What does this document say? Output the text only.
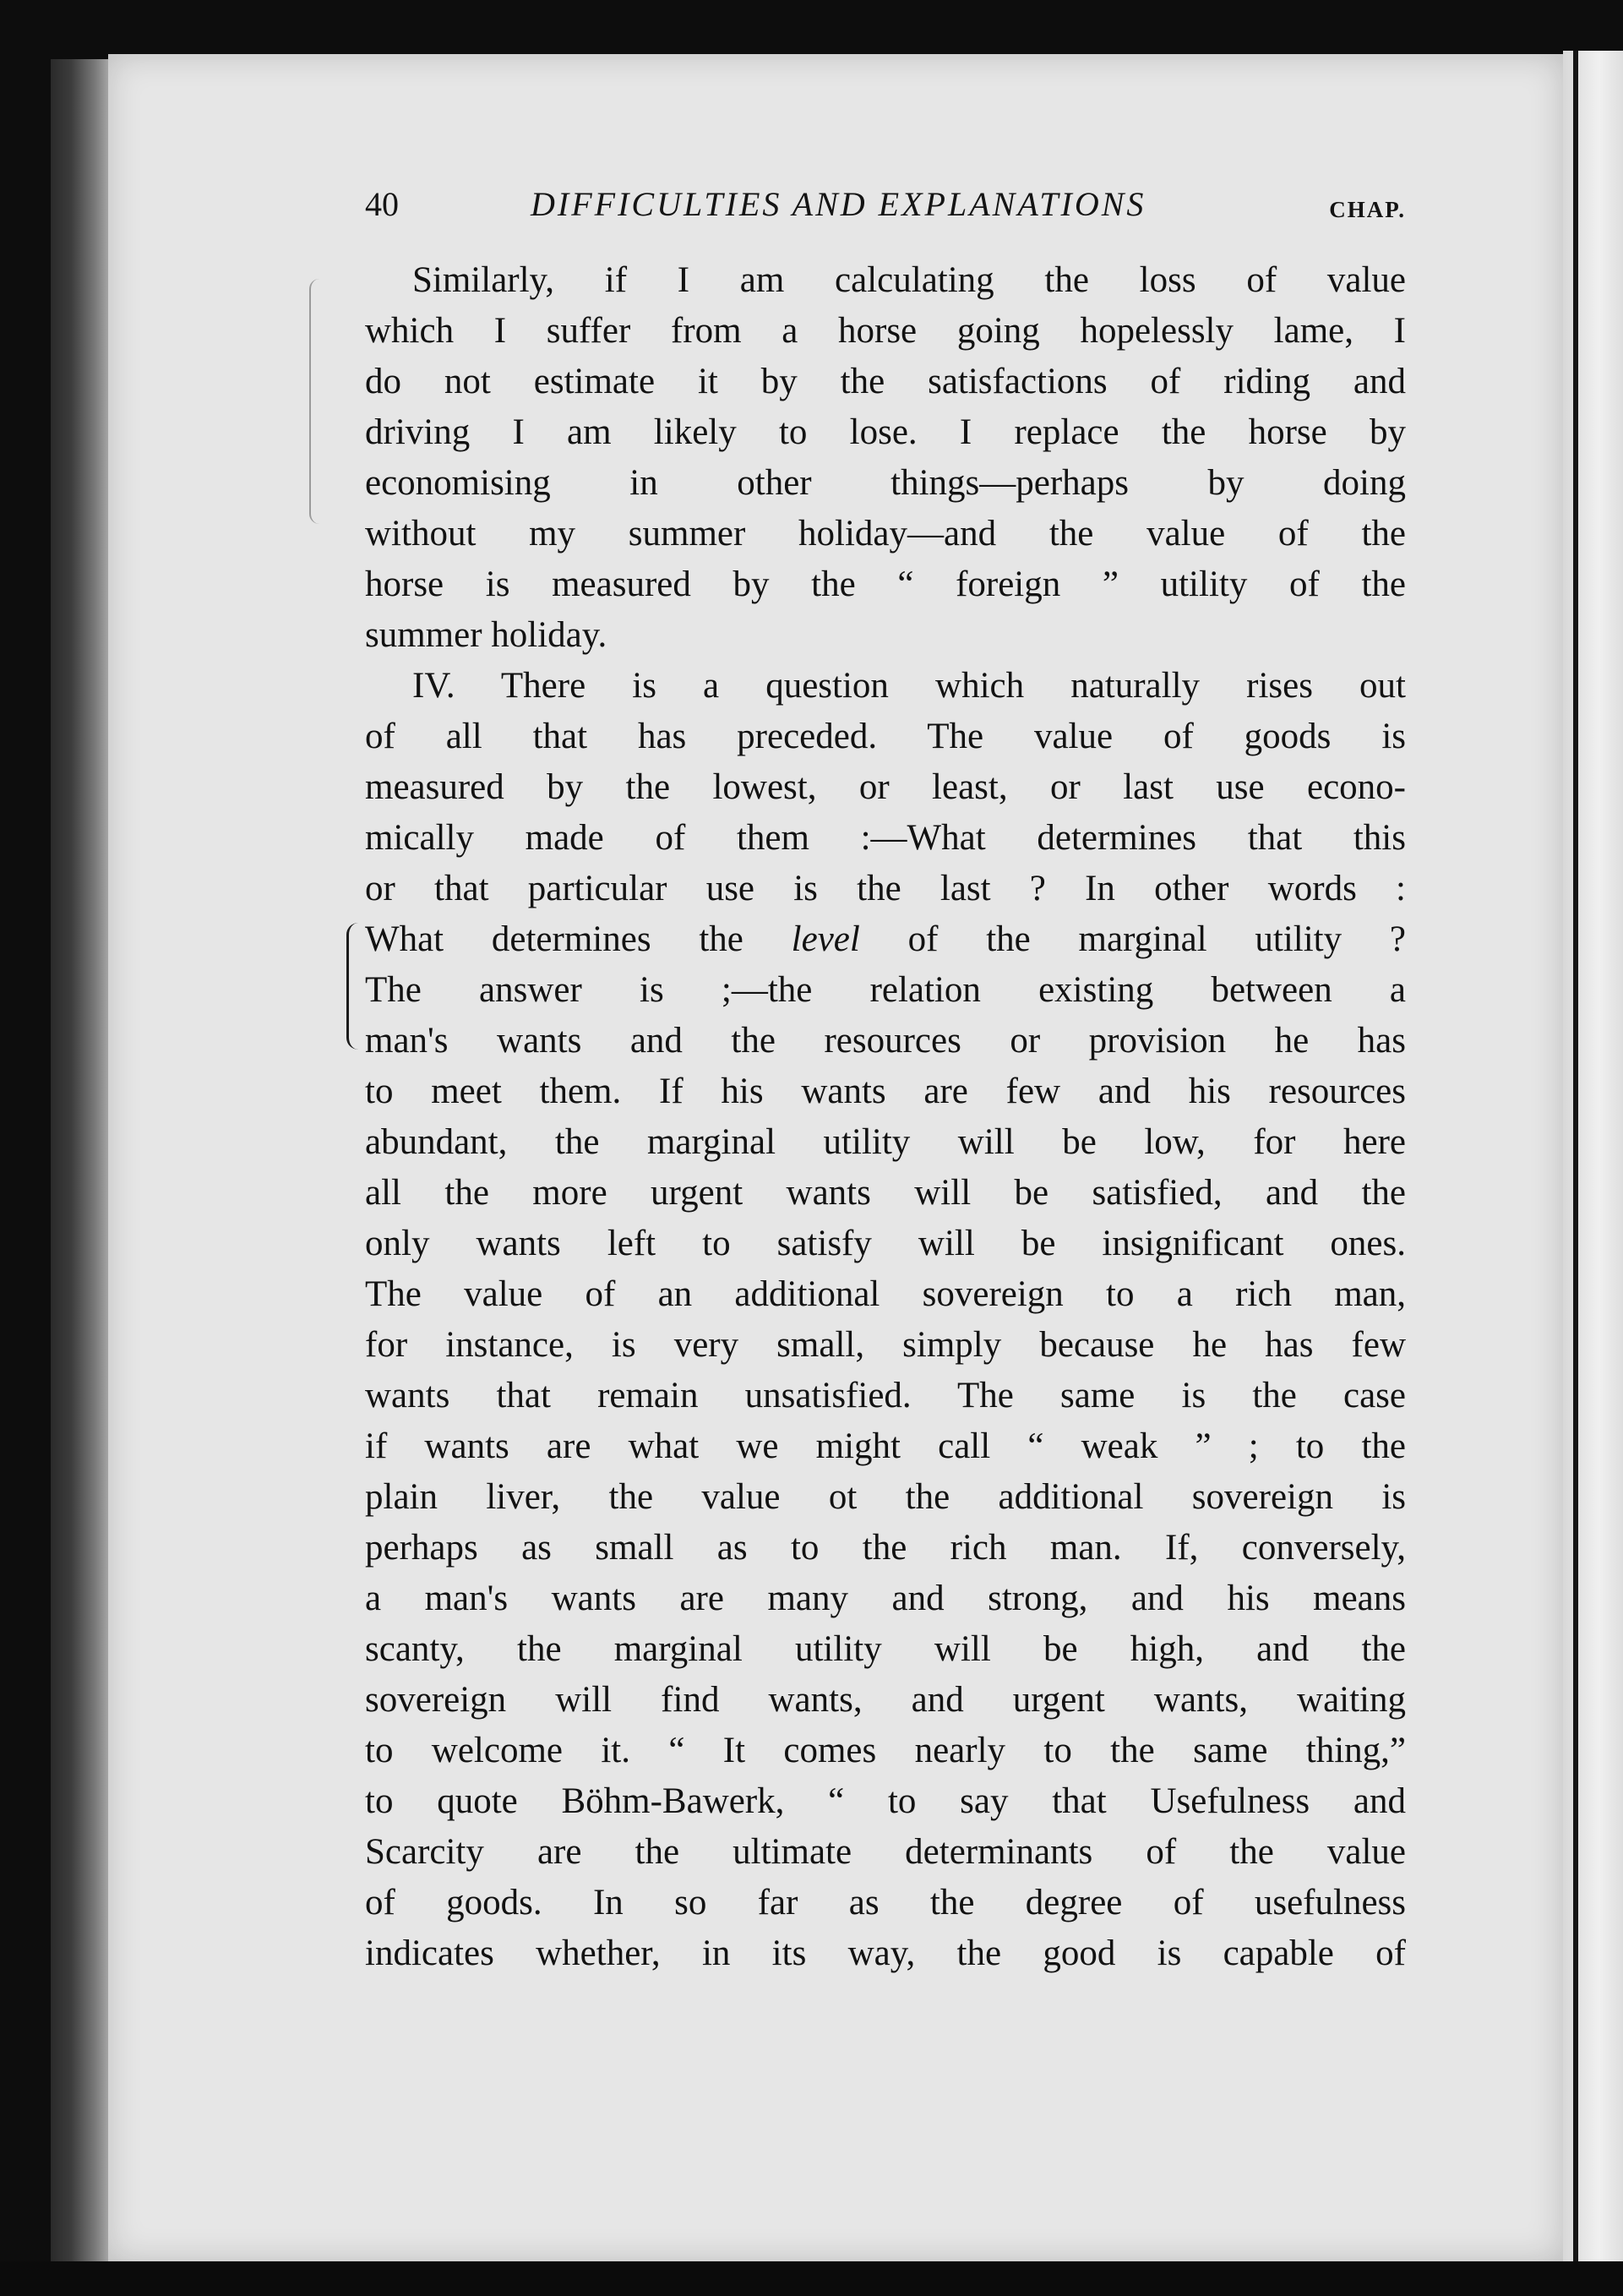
40	DIFFICULTIES AND EXPLANATIONS	CHAP.
Similarly, if I am calculating the loss of value
which I suffer from a horse going hopelessly lame, I
do not estimate it by the satisfactions of riding and
driving I am likely to lose. I replace the horse by
economising in other things—perhaps by doing
without my summer holiday—and the value of the
horse is measured by the “ foreign ” utility of the
summer holiday.
IV. There is a question which naturally rises out
of all that has preceded. The value of goods is
measured by the lowest, or least, or last use econo-
mically made of them :—What determines that this
or that particular use is the last ? In other words :
What determines the level of the marginal utility ?
The answer is ;—the relation existing between a
man's wants and the resources or provision he has
to meet them. If his wants are few and his resources
abundant, the marginal utility will be low, for here
all the more urgent wants will be satisfied, and the
only wants left to satisfy will be insignificant ones.
The value of an additional sovereign to a rich man,
for instance, is very small, simply because he has few
wants that remain unsatisfied. The same is the case
if wants are what we might call “ weak ” ; to the
plain liver, the value ot the additional sovereign is
perhaps as small as to the rich man. If, conversely,
a man's wants are many and strong, and his means
scanty, the marginal utility will be high, and the
sovereign will find wants, and urgent wants, waiting
to welcome it. “ It comes nearly to the same thing,”
to quote Böhm-Bawerk, “ to say that Usefulness and
Scarcity are the ultimate determinants of the value
of goods. In so far as the degree of usefulness
indicates whether, in its way, the good is capable of
